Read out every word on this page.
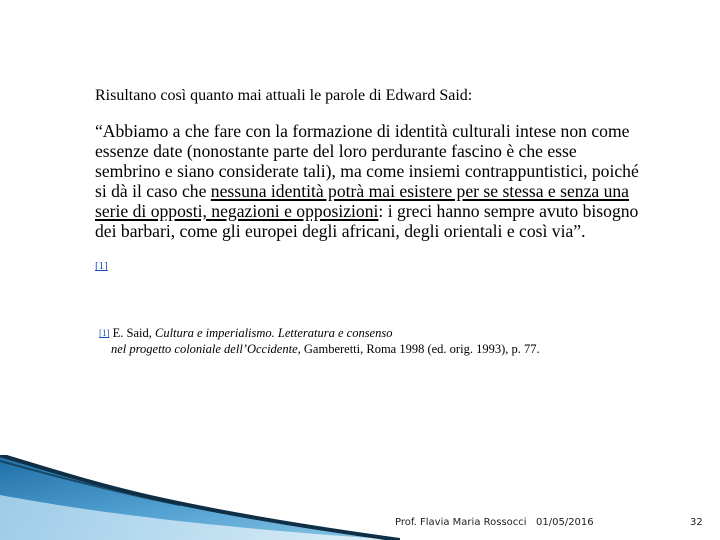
Risultano così quanto mai attuali le parole di Edward Said:
“Abbiamo a che fare con la formazione di identità culturali intese non come essenze date (nonostante parte del loro perdurante fascino è che esse sembrino e siano considerate tali), ma come insiemi contrappuntistici, poiché si dà il caso che nessuna identità potrà mai esistere per se stessa e senza una serie di opposti, negazioni e opposizioni: i greci hanno sempre avuto bisogno dei barbari, come gli europei degli africani, degli orientali e così via”.
[1]
[1] E. Said, Cultura e imperialismo. Letteratura e consenso
nel progetto coloniale dell’Occidente, Gamberetti, Roma 1998 (ed. orig. 1993), p. 77.
Prof. Flavia Maria Rossocci 01/05/2016	32
